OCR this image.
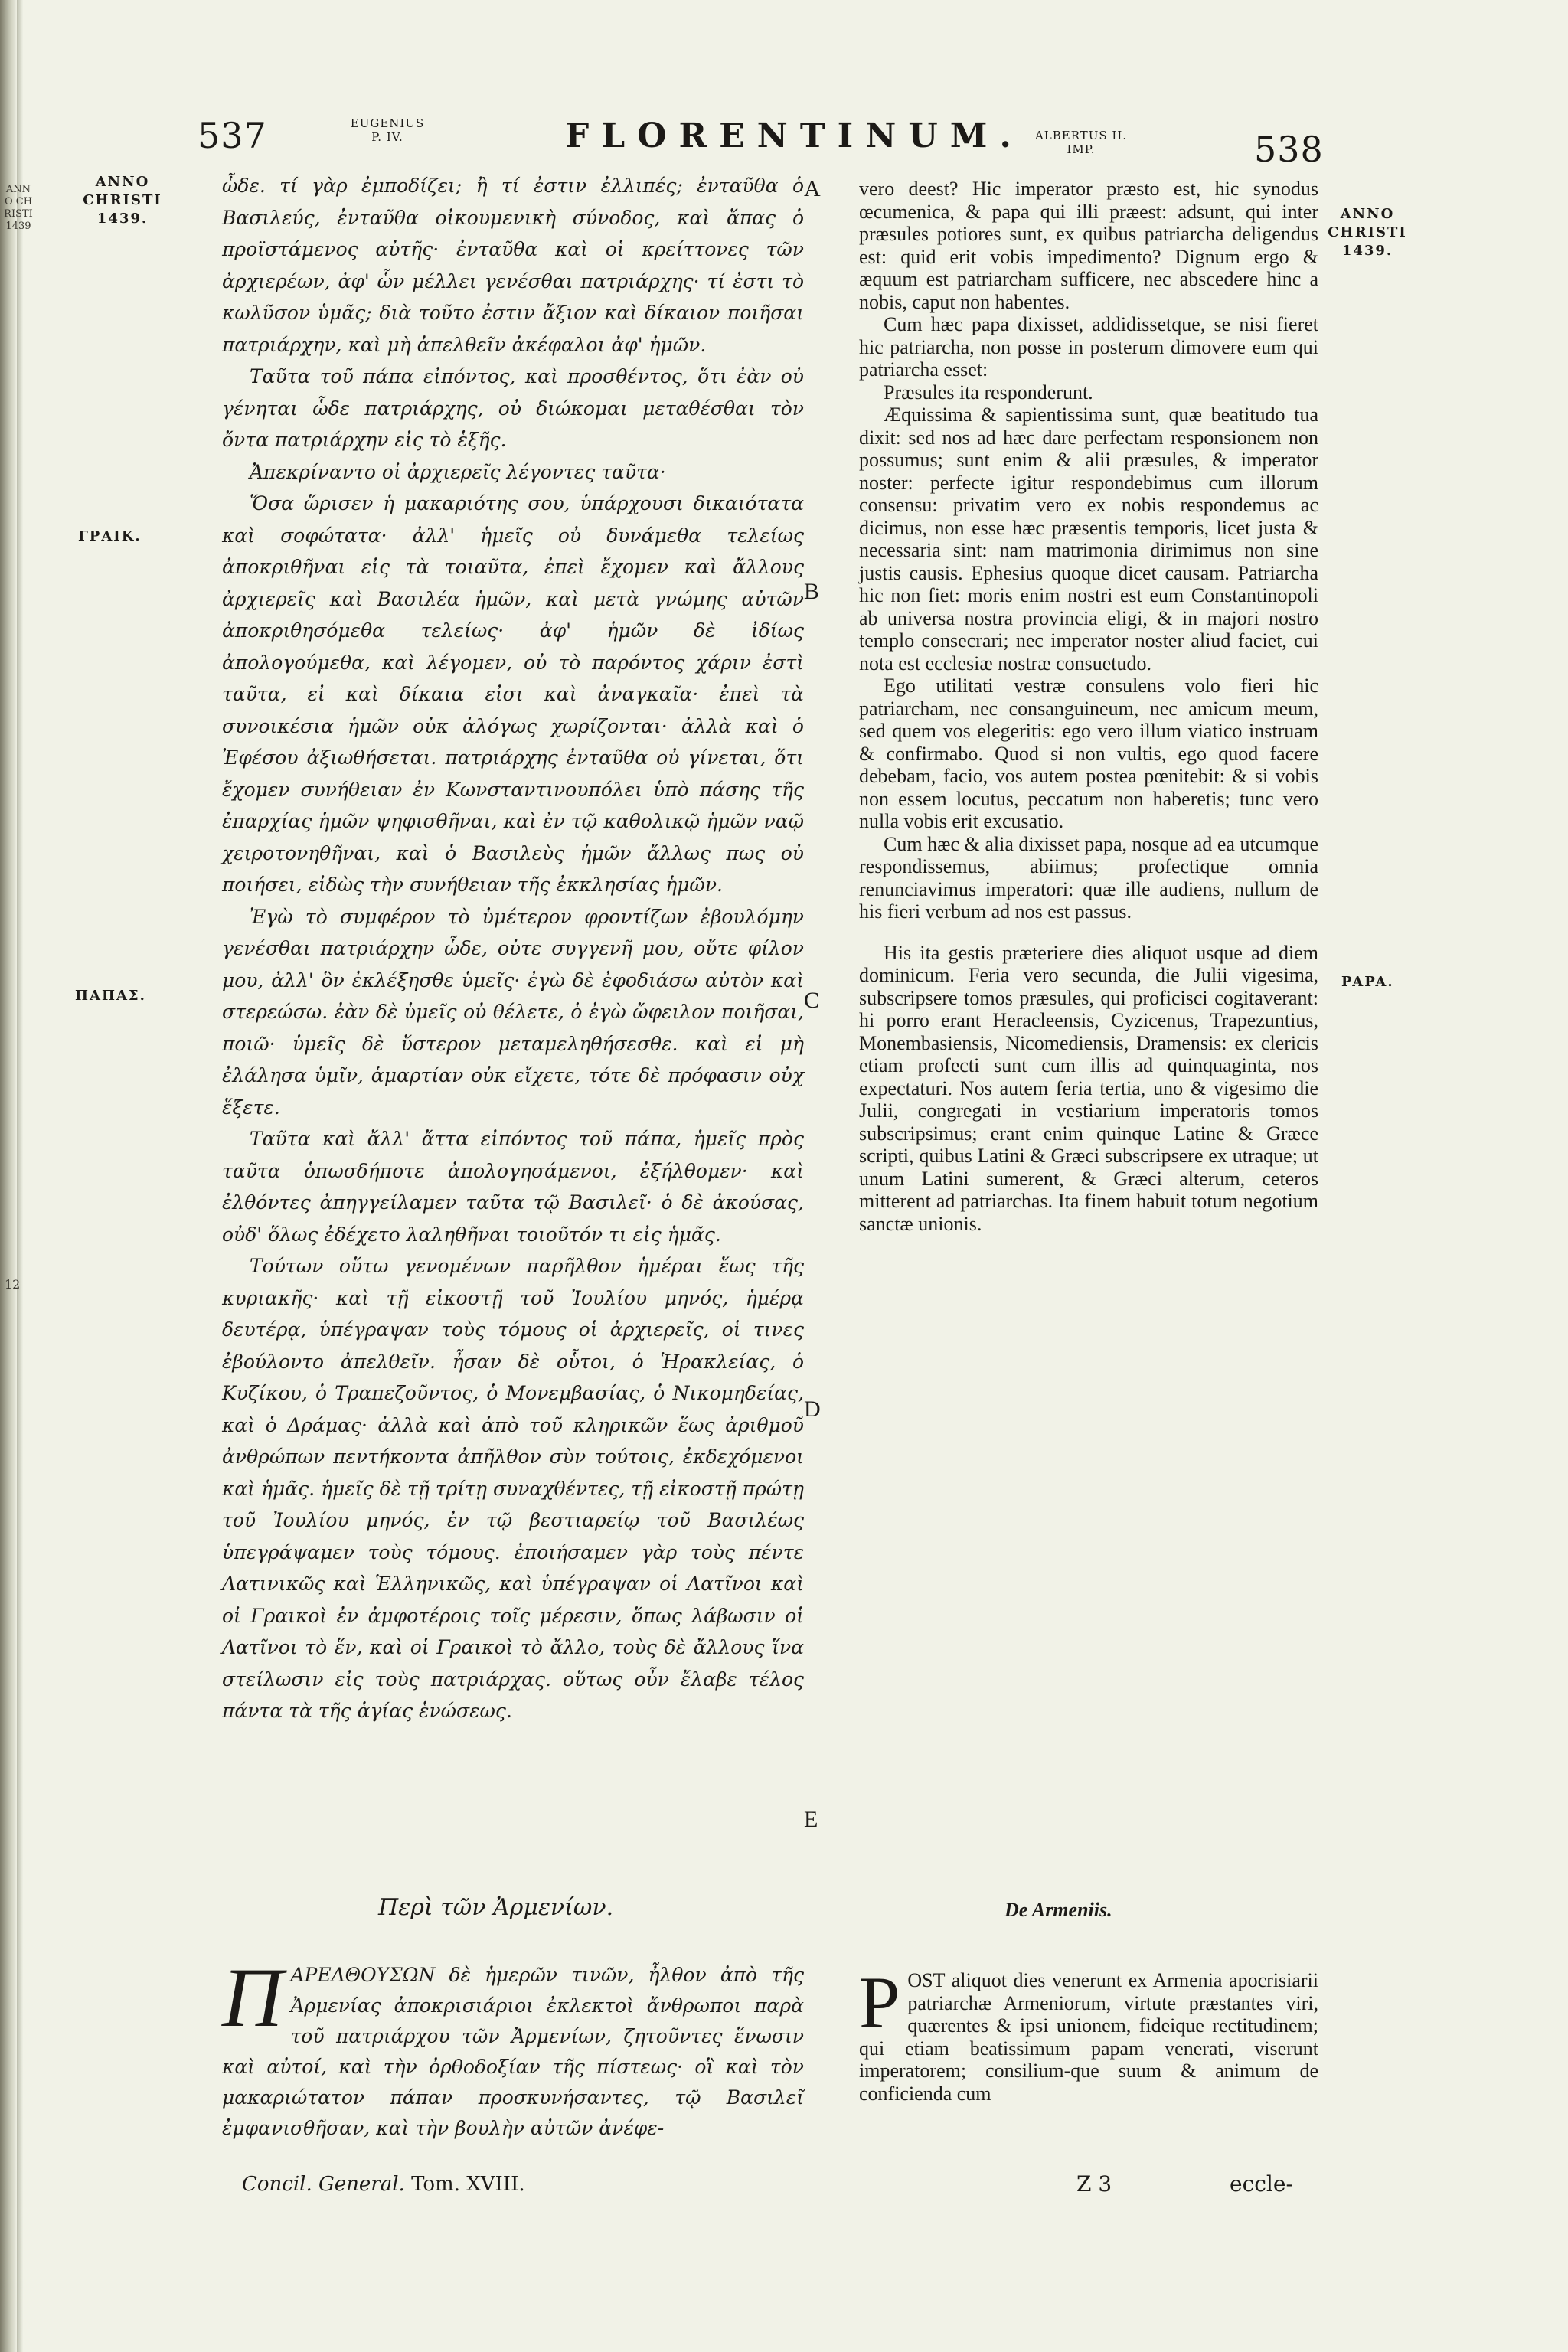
ANNO CHRISTI 1439
12
537	EUGENIUS
P. IV.	FLORENTINUM.	ALBERTUS II.
IMP.	538
ANNO
CHRISTI
1439.
ΓΡΑΙΚ.
ΠΑΠΑΣ.
ANNO
CHRISTI
1439.
PAPA.
A
B
C
D
E

ὧδε. τί γὰρ ἐμποδίζει; ἢ τί ἐστιν ἐλλιπές; ἐνταῦθα ὁ Βασιλεύς, ἐνταῦθα οἰκουμενικὴ σύνοδος, καὶ ἅπας ὁ προϊστάμενος αὐτῆς· ἐνταῦθα καὶ οἱ κρείττονες τῶν ἀρχιερέων, ἀφ' ὧν μέλλει γενέσθαι πατριάρχης· τί ἐστι τὸ κωλῦσον ὑμᾶς; διὰ τοῦτο ἐστιν ἄξιον καὶ δίκαιον ποιῆσαι πατριάρχην, καὶ μὴ ἀπελθεῖν ἀκέφαλοι ἀφ' ἡμῶν.

Ταῦτα τοῦ πάπα εἰπόντος, καὶ προσθέντος, ὅτι ἐὰν οὐ γένηται ὧδε πατριάρχης, οὐ διώκομαι μεταθέσθαι τὸν ὄντα πατριάρχην εἰς τὸ ἑξῆς.

Ἀπεκρίναντο οἱ ἀρχιερεῖς λέγοντες ταῦτα·

Ὅσα ὥρισεν ἡ μακαριότης σου, ὑπάρχουσι δικαιότατα καὶ σοφώτατα· ἀλλ' ἡμεῖς οὐ δυνάμεθα τελείως ἀποκριθῆναι εἰς τὰ τοιαῦτα, ἐπεὶ ἔχομεν καὶ ἄλλους ἀρχιερεῖς καὶ Βασιλέα ἡμῶν, καὶ μετὰ γνώμης αὐτῶν ἀποκριθησόμεθα τελείως· ἀφ' ἡμῶν δὲ ἰδίως ἀπολογούμεθα, καὶ λέγομεν, οὐ τὸ παρόντος χάριν ἐστὶ ταῦτα, εἰ καὶ δίκαια εἰσι καὶ ἀναγκαῖα· ἐπεὶ τὰ συνοικέσια ἡμῶν οὐκ ἀλόγως χωρίζονται· ἀλλὰ καὶ ὁ Ἐφέσου ἀξιωθήσεται. πατριάρχης ἐνταῦθα οὐ γίνεται, ὅτι ἔχομεν συνήθειαν ἐν Κωνσταντινουπόλει ὑπὸ πάσης τῆς ἐπαρχίας ἡμῶν ψηφισθῆναι, καὶ ἐν τῷ καθολικῷ ἡμῶν ναῷ χειροτονηθῆναι, καὶ ὁ Βασιλεὺς ἡμῶν ἄλλως πως οὐ ποιήσει, εἰδὼς τὴν συνήθειαν τῆς ἐκκλησίας ἡμῶν.

Ἐγὼ τὸ συμφέρον τὸ ὑμέτερον φροντίζων ἐβουλόμην γενέσθαι πατριάρχην ὧδε, οὐτε συγγενῆ μου, οὔτε φίλον μου, ἀλλ' ὃν ἐκλέξησθε ὑμεῖς· ἐγὼ δὲ ἐφοδιάσω αὐτὸν καὶ στερεώσω. ἐὰν δὲ ὑμεῖς οὐ θέλετε, ὁ ἐγὼ ὤφειλον ποιῆσαι, ποιῶ· ὑμεῖς δὲ ὕστερον μεταμεληθήσεσθε. καὶ εἰ μὴ ἐλάλησα ὑμῖν, ἁμαρτίαν οὐκ εἴχετε, τότε δὲ πρόφασιν οὐχ ἕξετε.

Ταῦτα καὶ ἄλλ' ἄττα εἰπόντος τοῦ πάπα, ἡμεῖς πρὸς ταῦτα ὁπωσδήποτε ἀπολογησάμενοι, ἐξήλθομεν· καὶ ἐλθόντες ἀπηγγείλαμεν ταῦτα τῷ Βασιλεῖ· ὁ δὲ ἀκούσας, οὐδ' ὅλως ἐδέχετο λαληθῆναι τοιοῦτόν τι εἰς ἡμᾶς.

Τούτων οὕτω γενομένων παρῆλθον ἡμέραι ἕως τῆς κυριακῆς· καὶ τῇ εἰκοστῇ τοῦ Ἰουλίου μηνός, ἡμέρᾳ δευτέρᾳ, ὑπέγραψαν τοὺς τόμους οἱ ἀρχιερεῖς, οἱ τινες ἐβούλοντο ἀπελθεῖν. ἦσαν δὲ οὗτοι, ὁ Ἡρακλείας, ὁ Κυζίκου, ὁ Τραπεζοῦντος, ὁ Μονεμβασίας, ὁ Νικομηδείας, καὶ ὁ Δράμας· ἀλλὰ καὶ ἀπὸ τοῦ κληρικῶν ἕως ἀριθμοῦ ἀνθρώπων πεντήκοντα ἀπῆλθον σὺν τούτοις, ἐκδεχόμενοι καὶ ἡμᾶς. ἡμεῖς δὲ τῇ τρίτῃ συναχθέντες, τῇ εἰκοστῇ πρώτῃ τοῦ Ἰουλίου μηνός, ἐν τῷ βεστιαρείῳ τοῦ Βασιλέως ὑπεγράψαμεν τοὺς τόμους. ἐποιήσαμεν γὰρ τοὺς πέντε Λατινικῶς καὶ Ἑλληνικῶς, καὶ ὑπέγραψαν οἱ Λατῖνοι καὶ οἱ Γραικοὶ ἐν ἀμφοτέροις τοῖς μέρεσιν, ὅπως λάβωσιν οἱ Λατῖνοι τὸ ἕν, καὶ οἱ Γραικοὶ τὸ ἄλλο, τοὺς δὲ ἄλλους ἵνα στείλωσιν εἰς τοὺς πατριάρχας. οὕτως οὖν ἔλαβε τέλος πάντα τὰ τῆς ἁγίας ἑνώσεως.

Περὶ τῶν Ἀρμενίων.
Π ΑΡΕΛΘΟΥΣΩΝ δὲ ἡμερῶν τινῶν, ἦλθον ἀπὸ τῆς Ἀρμενίας ἀποκρισιάριοι ἐκλεκτοὶ ἄνθρωποι παρὰ τοῦ πατριάρχου τῶν Ἀρμενίων, ζητοῦντες ἕνωσιν καὶ αὐτοί, καὶ τὴν ὀρθοδοξίαν τῆς πίστεως· οἳ καὶ τὸν μακαριώτατον πάπαν προσκυνήσαντες, τῷ Βασιλεῖ ἐμφανισθῆσαν, καὶ τὴν βουλὴν αὐτῶν ἀνέφε-

vero deest? Hic imperator præsto est, hic synodus œcumenica, & papa qui illi præest: adsunt, qui inter præsules potiores sunt, ex quibus patriarcha deligendus est: quid erit vobis impedimento? Dignum ergo & æquum est patriarcham sufficere, nec abscedere hinc a nobis, caput non habentes.

Cum hæc papa dixisset, addidissetque, se nisi fieret hic patriarcha, non posse in posterum dimovere eum qui patriarcha esset:

Præsules ita responderunt.

Æquissima & sapientissima sunt, quæ beatitudo tua dixit: sed nos ad hæc dare perfectam responsionem non possumus; sunt enim & alii præsules, & imperator noster: perfecte igitur respondebimus cum illorum consensu: privatim vero ex nobis respondemus ac dicimus, non esse hæc præsentis temporis, licet justa & necessaria sint: nam matrimonia dirimimus non sine justis causis. Ephesius quoque dicet causam. Patriarcha hic non fiet: moris enim nostri est eum Constantinopoli ab universa nostra provincia eligi, & in majori nostro templo consecrari; nec imperator noster aliud faciet, cui nota est ecclesiæ nostræ consuetudo.

Ego utilitati vestræ consulens volo fieri hic patriarcham, nec consanguineum, nec amicum meum, sed quem vos elegeritis: ego vero illum viatico instruam & confirmabo. Quod si non vultis, ego quod facere debebam, facio, vos autem postea pœnitebit: & si vobis non essem locutus, peccatum non haberetis; tunc vero nulla vobis erit excusatio.

Cum hæc & alia dixisset papa, nosque ad ea utcumque respondissemus, abiimus; profectique omnia renunciavimus imperatori: quæ ille audiens, nullum de his fieri verbum ad nos est passus.

His ita gestis præteriere dies aliquot usque ad diem dominicum. Feria vero secunda, die Julii vigesima, subscripsere tomos præsules, qui proficisci cogitaverant: hi porro erant Heracleensis, Cyzicenus, Trapezuntius, Monembasiensis, Nicomediensis, Dramensis: ex clericis etiam profecti sunt cum illis ad quinquaginta, nos expectaturi. Nos autem feria tertia, uno & vigesimo die Julii, congregati in vestiarium imperatoris tomos subscripsimus; erant enim quinque Latine & Græce scripti, quibus Latini & Græci subscripsere ex utraque; ut unum Latini sumerent, & Græci alterum, ceteros mitterent ad patriarchas. Ita finem habuit totum negotium sanctæ unionis.

De Armeniis.
P OST aliquot dies venerunt ex Armenia apocrisiarii patriarchæ Armeniorum, virtute præstantes viri, quærentes & ipsi unionem, fideique rectitudinem; qui etiam beatissimum papam venerati, viserunt imperatorem; consilium-que suum & animum de conficienda cum
Concil. General. Tom. XVIII.	Z 3	eccle-
